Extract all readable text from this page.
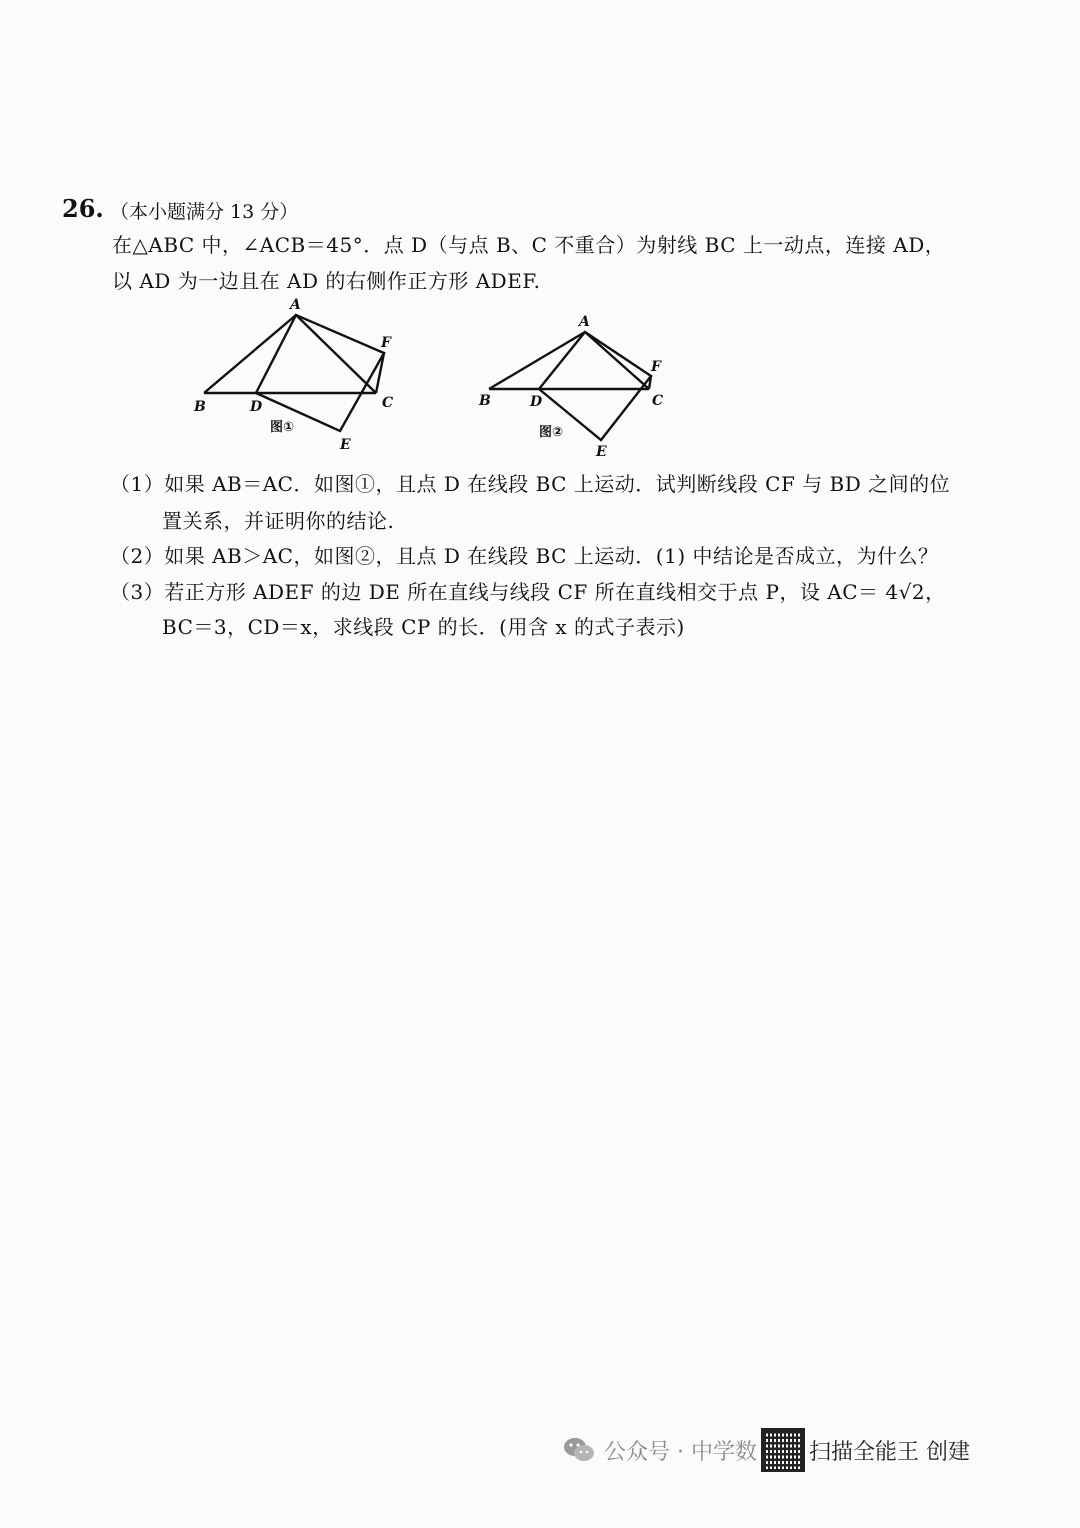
26. （本小题满分 13 分）
在△ABC 中，∠ACB＝45°．点 D（与点 B、C 不重合）为射线 BC 上一动点，连接 AD，
以 AD 为一边且在 AD 的右侧作正方形 ADEF.
A
B	D	C
F
E
图①
A
B	D	C
F
E
图②
（1）如果 AB＝AC．如图①，且点 D 在线段 BC 上运动．试判断线段 CF 与 BD 之间的位
置关系，并证明你的结论.
（2）如果 AB＞AC，如图②，且点 D 在线段 BC 上运动．(1) 中结论是否成立，为什么？
（3）若正方形 ADEF 的边 DE 所在直线与线段 CF 所在直线相交于点 P，设 AC＝ 4√2，
BC＝3，CD＝x，求线段 CP 的长．(用含 x 的式子表示)
公众号 · 中学数 扫描全能王 创建
